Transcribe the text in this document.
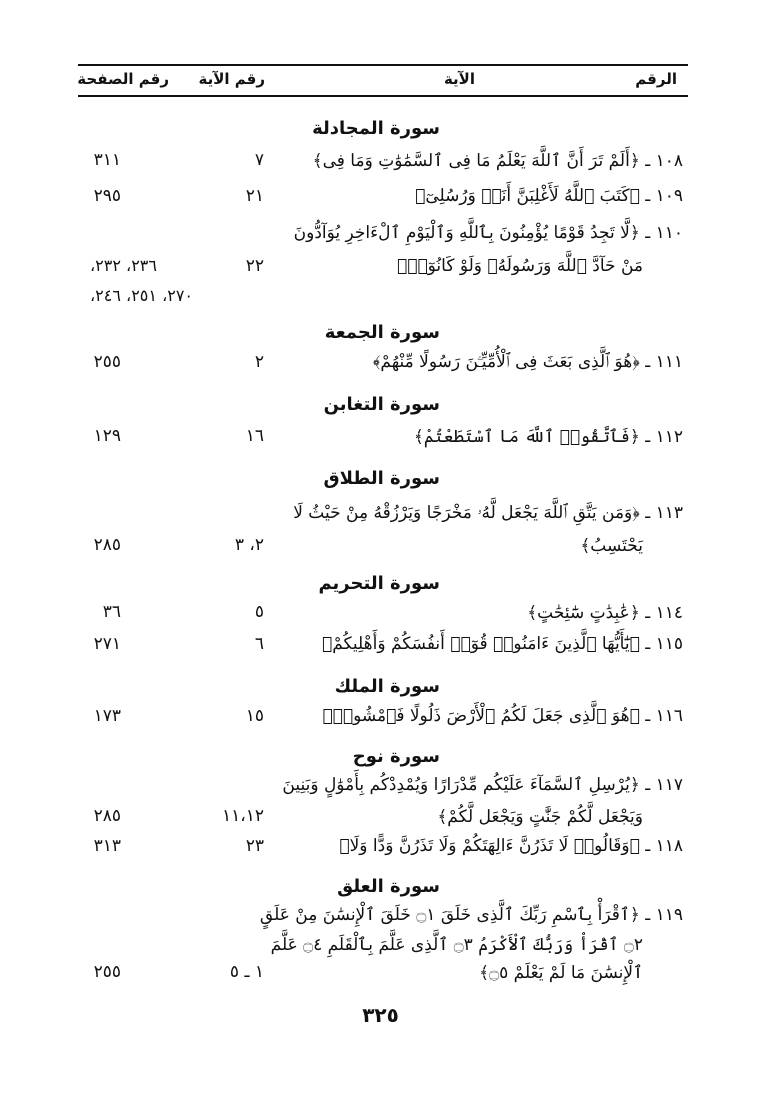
الرقم
الآية
رقم الآية
رقم الصفحة
سورة المجادلة
١٠٨ ـ ﴿أَلَمْ تَرَ أَنَّ ٱللَّهَ يَعْلَمُ مَا فِى ٱلسَّمَٰوَٰتِ وَمَا فِى﴾
٧
٣١١
١٠٩ ـ ﴿كَتَبَ ٱللَّهُ لَأَغْلِبَنَّ أَنَا۠ وَرُسُلِىٓ﴾
٢١
٢٩٥
١١٠ ـ ﴿لَّا تَجِدُ قَوْمًا يُؤْمِنُونَ بِٱللَّهِ وَٱلْيَوْمِ ٱلْءَاخِرِ يُوَآدُّونَ
مَنْ حَآدَّ ٱللَّهَ وَرَسُولَهُۥ وَلَوْ كَانُوٓا۟﴾
٢٢
٢٣٦، ٢٣٢،
٢٧٠، ٢٥١، ٢٤٦،
سورة الجمعة
١١١ ـ ﴿هُوَ ٱلَّذِى بَعَثَ فِى ٱلْأُمِّيِّـۧنَ رَسُولًا مِّنْهُمْ﴾
٢
٢٥٥
سورة التغابن
١١٢ ـ ﴿فَٱتَّقُوا۟ ٱللَّهَ مَا ٱسْتَطَعْتُمْ﴾
١٦
١٢٩
سورة الطلاق
١١٣ ـ ﴿وَمَن يَتَّقِ ٱللَّهَ يَجْعَل لَّهُۥ مَخْرَجًا وَيَرْزُقْهُ مِنْ حَيْثُ لَا
يَحْتَسِبُ﴾
٢، ٣
٢٨٥
سورة التحريم
١١٤ ـ ﴿عَٰبِدَٰتٍ سَٰٓئِحَٰتٍ﴾
٥
٣٦
١١٥ ـ ﴿يَٰٓأَيُّهَا ٱلَّذِينَ ءَامَنُوا۟ قُوٓا۟ أَنفُسَكُمْ وَأَهْلِيكُمْ﴾
٦
٢٧١
سورة الملك
١١٦ ـ ﴿هُوَ ٱلَّذِى جَعَلَ لَكُمُ ٱلْأَرْضَ ذَلُولًا فَٱمْشُوا۟﴾
١٥
١٧٣
سورة نوح
١١٧ ـ ﴿يُرْسِلِ ٱلسَّمَآءَ عَلَيْكُم مِّدْرَارًا وَيُمْدِدْكُم بِأَمْوَٰلٍ وَبَنِينَ
وَيَجْعَل لَّكُمْ جَنَّٰتٍ وَيَجْعَل لَّكُمْ﴾
١١،١٢
٢٨٥
١١٨ ـ ﴿وَقَالُوا۟ لَا تَذَرُنَّ ءَالِهَتَكُمْ وَلَا تَذَرُنَّ وَدًّا وَلَا﴾
٢٣
٣١٣
سورة العلق
١١٩ ـ ﴿ٱقْرَأْ بِٱسْمِ رَبِّكَ ٱلَّذِى خَلَقَ ۝١ خَلَقَ ٱلْإِنسَٰنَ مِنْ عَلَقٍ
۝٢ ٱقْرَأْ وَرَبُّكَ ٱلْأَكْرَمُ ۝٣ ٱلَّذِى عَلَّمَ بِٱلْقَلَمِ ۝٤ عَلَّمَ
ٱلْإِنسَٰنَ مَا لَمْ يَعْلَمْ ۝٥﴾
١ ـ ٥
٢٥٥
٣٢٥
